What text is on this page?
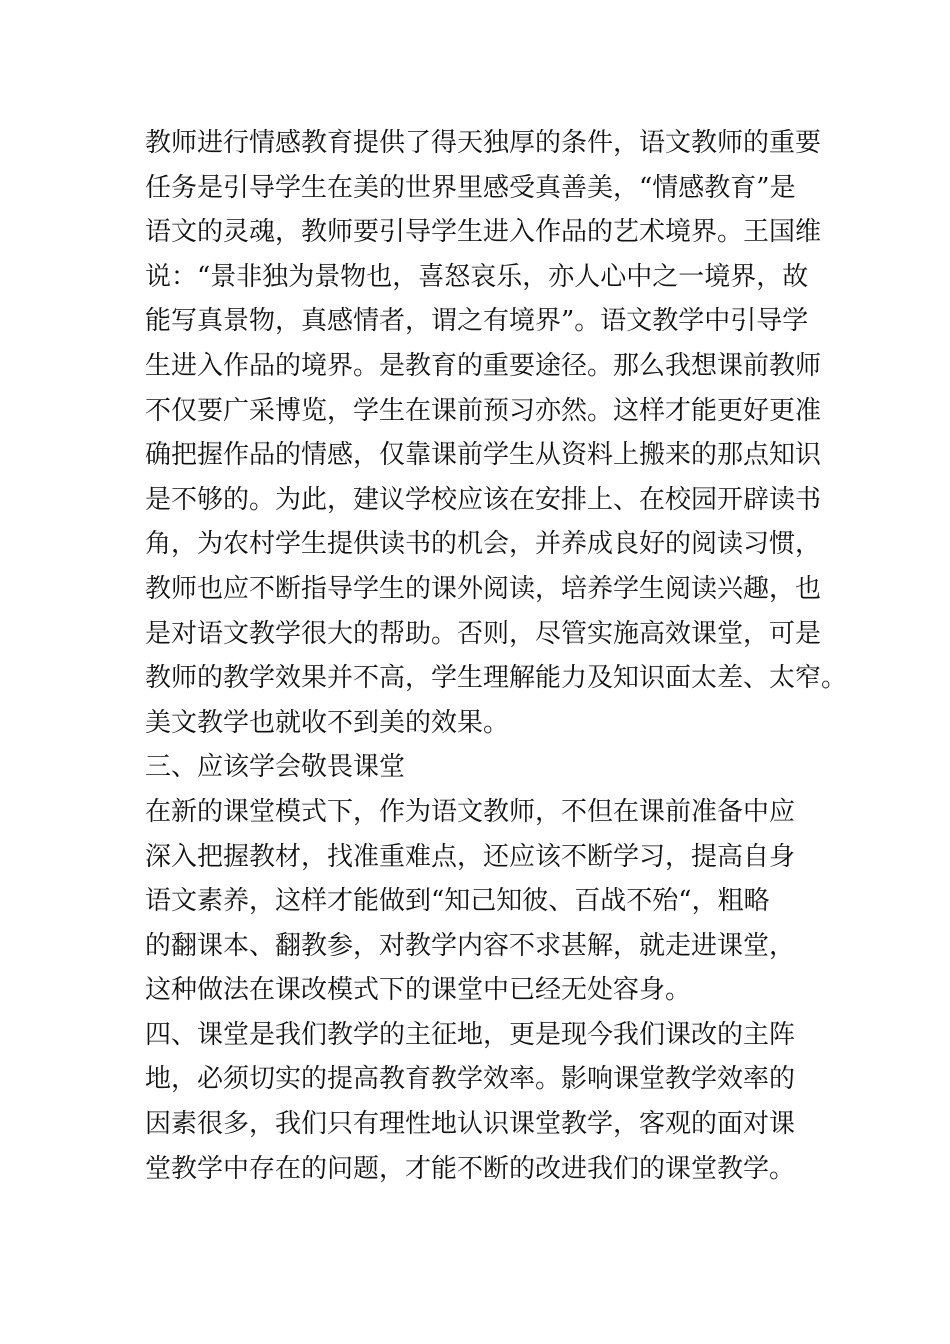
教师进行情感教育提供了得天独厚的条件，语文教师的重要
任务是引导学生在美的世界里感受真善美，“情感教育”是
语文的灵魂，教师要引导学生进入作品的艺术境界。王国维
说：“景非独为景物也，喜怒哀乐，亦人心中之一境界，故
能写真景物，真感情者，谓之有境界”。语文教学中引导学
生进入作品的境界。是教育的重要途径。那么我想课前教师
不仅要广采博览，学生在课前预习亦然。这样才能更好更准
确把握作品的情感，仅靠课前学生从资料上搬来的那点知识
是不够的。为此，建议学校应该在安排上、在校园开辟读书
角，为农村学生提供读书的机会，并养成良好的阅读习惯，
教师也应不断指导学生的课外阅读，培养学生阅读兴趣，也
是对语文教学很大的帮助。否则，尽管实施高效课堂，可是
教师的教学效果并不高，学生理解能力及知识面太差、太窄。
美文教学也就收不到美的效果。
三、应该学会敬畏课堂
在新的课堂模式下，作为语文教师，不但在课前准备中应
深入把握教材，找准重难点，还应该不断学习，提高自身
语文素养，这样才能做到“知己知彼、百战不殆“，粗略
的翻课本、翻教参，对教学内容不求甚解，就走进课堂，
这种做法在课改模式下的课堂中已经无处容身。
四、课堂是我们教学的主征地，更是现今我们课改的主阵
地，必须切实的提高教育教学效率。影响课堂教学效率的
因素很多，我们只有理性地认识课堂教学，客观的面对课
堂教学中存在的问题，才能不断的改进我们的课堂教学。
